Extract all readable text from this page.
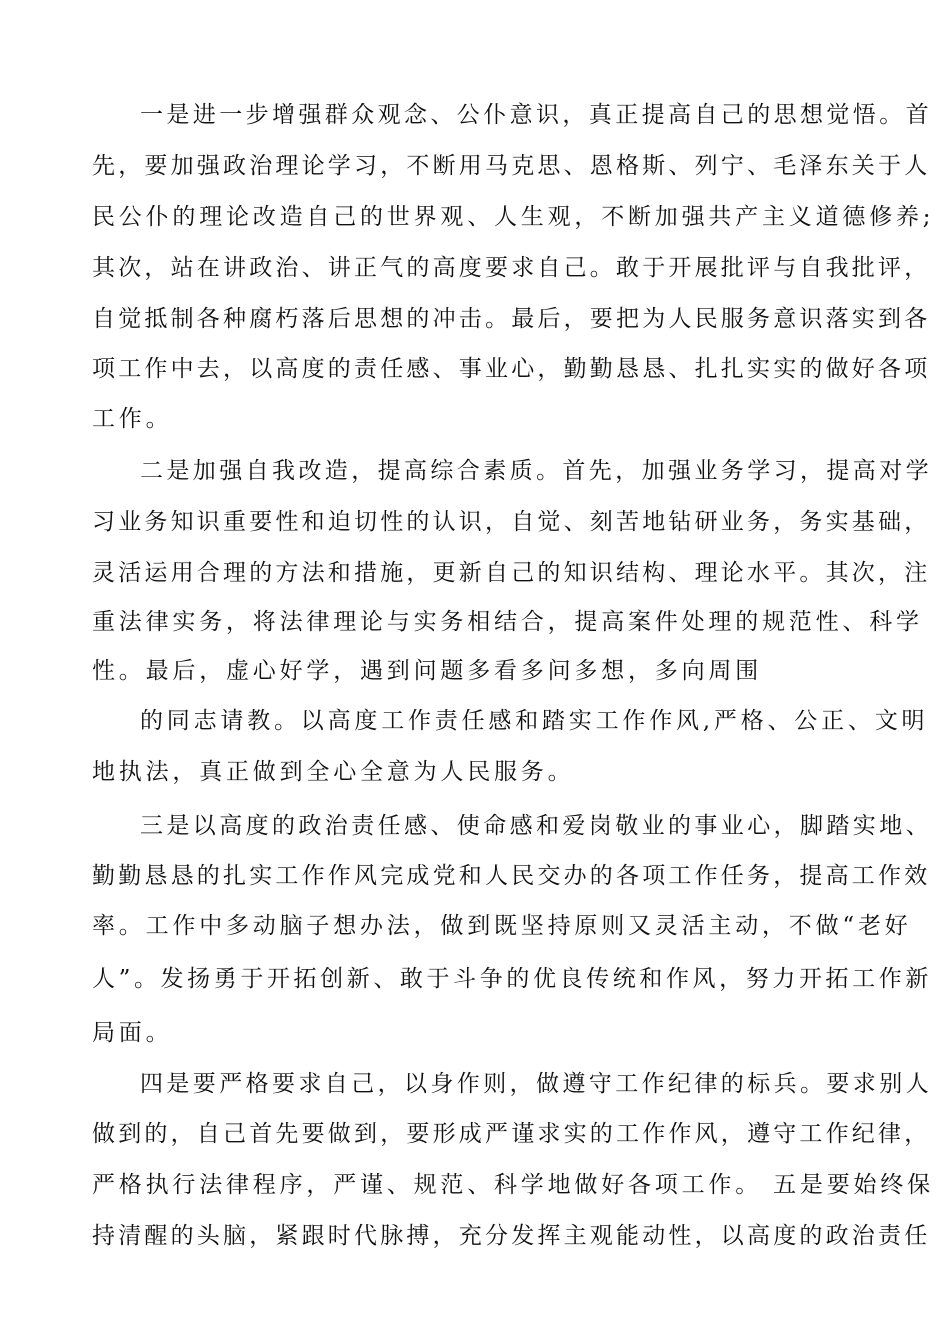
一是进一步增强群众观念、公仆意识，真正提高自己的思想觉悟。首
先，要加强政治理论学习，不断用马克思、恩格斯、列宁、毛泽东关于人
民公仆的理论改造自己的世界观、人生观，不断加强共产主义道德修养;
其次，站在讲政治、讲正气的高度要求自己。敢于开展批评与自我批评，
自觉抵制各种腐朽落后思想的冲击。最后，要把为人民服务意识落实到各
项工作中去，以高度的责任感、事业心，勤勤恳恳、扎扎实实的做好各项
工作。
二是加强自我改造，提高综合素质。首先，加强业务学习，提高对学
习业务知识重要性和迫切性的认识，自觉、刻苦地钻研业务，务实基础，
灵活运用合理的方法和措施，更新自己的知识结构、理论水平。其次，注
重法律实务，将法律理论与实务相结合，提高案件处理的规范性、科学
性。最后，虚心好学，遇到问题多看多问多想，多向周围
的同志请教。以高度工作责任感和踏实工作作风,严格、公正、文明
地执法，真正做到全心全意为人民服务。
三是以高度的政治责任感、使命感和爱岗敬业的事业心，脚踏实地、
勤勤恳恳的扎实工作作风完成党和人民交办的各项工作任务，提高工作效
率。工作中多动脑子想办法，做到既坚持原则又灵活主动，不做“老好
人”。发扬勇于开拓创新、敢于斗争的优良传统和作风，努力开拓工作新
局面。
四是要严格要求自己，以身作则，做遵守工作纪律的标兵。要求别人
做到的，自己首先要做到，要形成严谨求实的工作作风，遵守工作纪律，
严格执行法律程序，严谨、规范、科学地做好各项工作。 五是要始终保
持清醒的头脑，紧跟时代脉搏，充分发挥主观能动性，以高度的政治责任
